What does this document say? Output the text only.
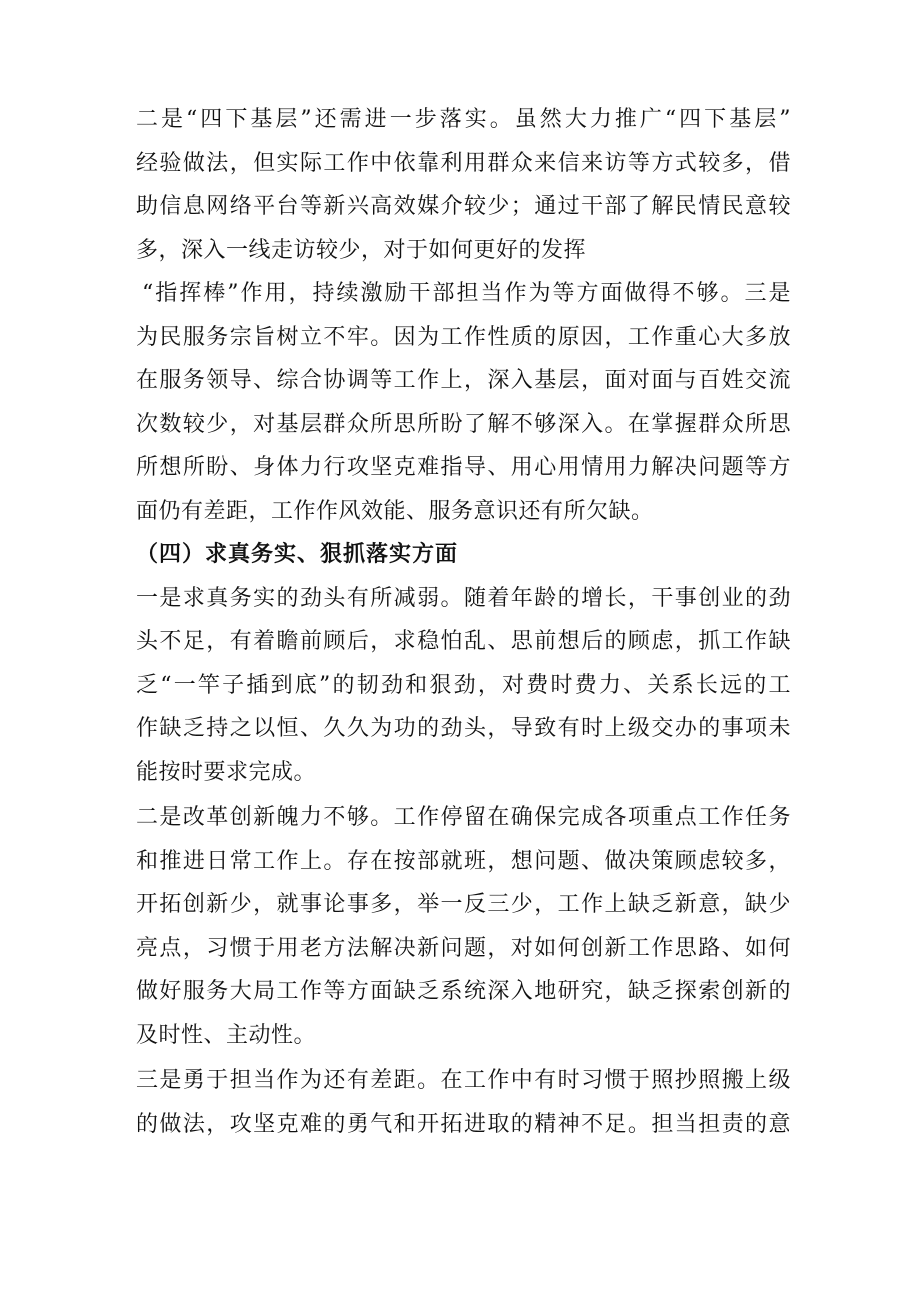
二是“四下基层”还需进一步落实。虽然大力推广“四下基层”
经验做法，但实际工作中依靠利用群众来信来访等方式较多，借
助信息网络平台等新兴高效媒介较少；通过干部了解民情民意较
多，深入一线走访较少，对于如何更好的发挥
“指挥棒”作用，持续激励干部担当作为等方面做得不够。三是
为民服务宗旨树立不牢。因为工作性质的原因，工作重心大多放
在服务领导、综合协调等工作上，深入基层，面对面与百姓交流
次数较少，对基层群众所思所盼了解不够深入。在掌握群众所思
所想所盼、身体力行攻坚克难指导、用心用情用力解决问题等方
面仍有差距，工作作风效能、服务意识还有所欠缺。
（四）求真务实、狠抓落实方面
一是求真务实的劲头有所减弱。随着年龄的增长，干事创业的劲
头不足，有着瞻前顾后，求稳怕乱、思前想后的顾虑，抓工作缺
乏“一竿子插到底”的韧劲和狠劲，对费时费力、关系长远的工
作缺乏持之以恒、久久为功的劲头，导致有时上级交办的事项未
能按时要求完成。
二是改革创新魄力不够。工作停留在确保完成各项重点工作任务
和推进日常工作上。存在按部就班，想问题、做决策顾虑较多，
开拓创新少，就事论事多，举一反三少，工作上缺乏新意，缺少
亮点，习惯于用老方法解决新问题，对如何创新工作思路、如何
做好服务大局工作等方面缺乏系统深入地研究，缺乏探索创新的
及时性、主动性。
三是勇于担当作为还有差距。在工作中有时习惯于照抄照搬上级
的做法，攻坚克难的勇气和开拓进取的精神不足。担当担责的意
